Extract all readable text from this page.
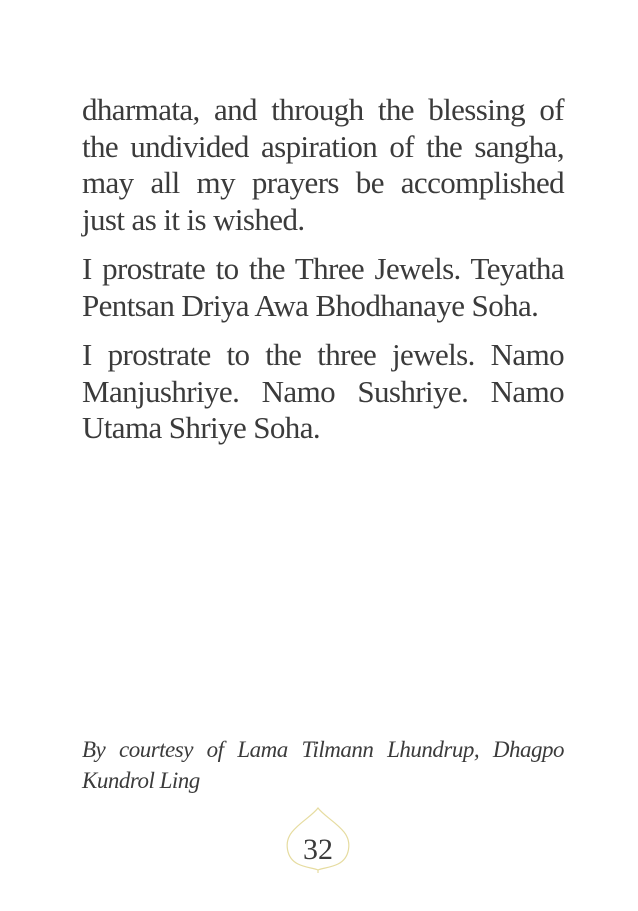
dharmata, and through the blessing of the undivided aspiration of the sangha, may all my prayers be accomplished just as it is wished.

I prostrate to the Three Jewels. Teyatha Pentsan Driya Awa Bhodhanaye Soha.

I prostrate to the three jewels. Namo Manjushriye. Namo Sushriye. Namo Utama Shriye Soha.

By courtesy of Lama Tilmann Lhundrup, Dhagpo Kundrol Ling
32
